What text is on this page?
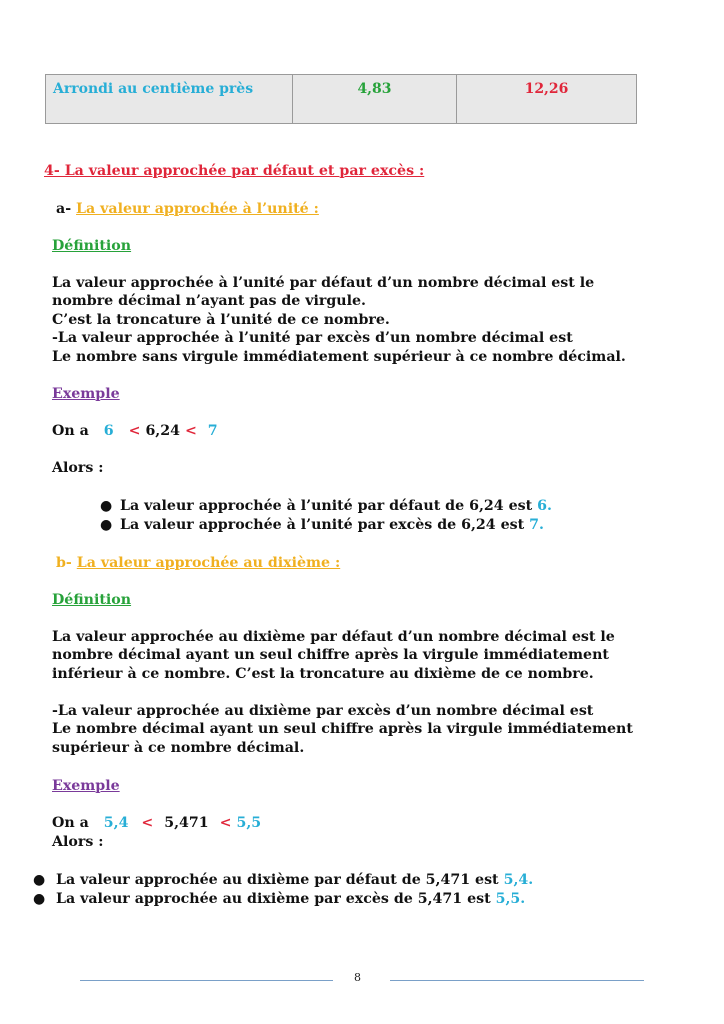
Arrondi au centième près	4,83	12,26
4- La valeur approchée par défaut et par excès :
a- La valeur approchée à l’unité :
Définition
La valeur approchée à l’unité par défaut d’un nombre décimal est le
nombre décimal n’ayant pas de virgule.
C’est la troncature à l’unité de ce nombre.
-La valeur approchée à l’unité par excès d’un nombre décimal est
Le nombre sans virgule immédiatement supérieur à ce nombre décimal.
Exemple
On a 6 < 6,24 < 7
Alors :
● La valeur approchée à l’unité par défaut de 6,24 est 6.
● La valeur approchée à l’unité par excès de 6,24 est 7.
b- La valeur approchée au dixième :
Définition
La valeur approchée au dixième par défaut d’un nombre décimal est le
nombre décimal ayant un seul chiffre après la virgule immédiatement
inférieur à ce nombre. C’est la troncature au dixième de ce nombre.
-La valeur approchée au dixième par excès d’un nombre décimal est
Le nombre décimal ayant un seul chiffre après la virgule immédiatement
supérieur à ce nombre décimal.
Exemple
On a 5,4 < 5,471 < 5,5
Alors :
● La valeur approchée au dixième par défaut de 5,471 est 5,4.
● La valeur approchée au dixième par excès de 5,471 est 5,5.
8
